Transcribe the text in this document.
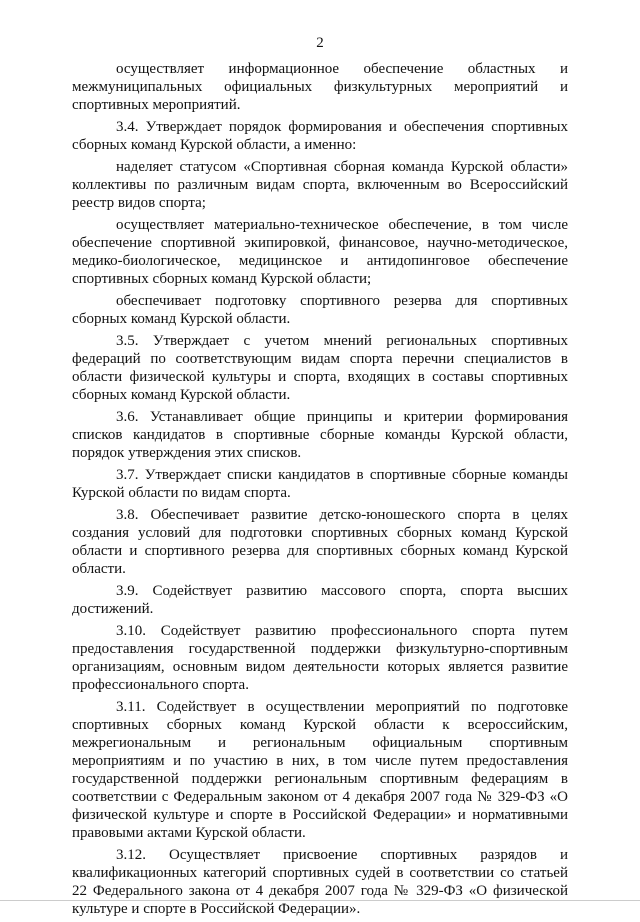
2

осуществляет информационное обеспечение областных и межмуниципальных официальных физкультурных мероприятий и спортивных мероприятий.

3.4. Утверждает порядок формирования и обеспечения спортивных сборных команд Курской области, а именно:

наделяет статусом «Спортивная сборная команда Курской области» коллективы по различным видам спорта, включенным во Всероссийский реестр видов спорта;

осуществляет материально-техническое обеспечение, в том числе обеспечение спортивной экипировкой, финансовое, научно-методическое, медико-биологическое, медицинское и антидопинговое обеспечение спортивных сборных команд Курской области;

обеспечивает подготовку спортивного резерва для спортивных сборных команд Курской области.

3.5. Утверждает с учетом мнений региональных спортивных федераций по соответствующим видам спорта перечни специалистов в области физической культуры и спорта, входящих в составы спортивных сборных команд Курской области.

3.6. Устанавливает общие принципы и критерии формирования списков кандидатов в спортивные сборные команды Курской области, порядок утверждения этих списков.

3.7. Утверждает списки кандидатов в спортивные сборные команды Курской области по видам спорта.

3.8. Обеспечивает развитие детско-юношеского спорта в целях создания условий для подготовки спортивных сборных команд Курской области и спортивного резерва для спортивных сборных команд Курской области.

3.9. Содействует развитию массового спорта, спорта высших достижений.

3.10. Содействует развитию профессионального спорта путем предоставления государственной поддержки физкультурно-спортивным организациям, основным видом деятельности которых является развитие профессионального спорта.

3.11. Содействует в осуществлении мероприятий по подготовке спортивных сборных команд Курской области к всероссийским, межрегиональным и региональным официальным спортивным мероприятиям и по участию в них, в том числе путем предоставления государственной поддержки региональным спортивным федерациям в соответствии с Федеральным законом от 4 декабря 2007 года № 329-ФЗ «О физической культуре и спорте в Российской Федерации» и нормативными правовыми актами Курской области.

3.12. Осуществляет присвоение спортивных разрядов и квалификационных категорий спортивных судей в соответствии со статьей 22 Федерального закона от 4 декабря 2007 года № 329-ФЗ «О физической культуре и спорте в Российской Федерации».
